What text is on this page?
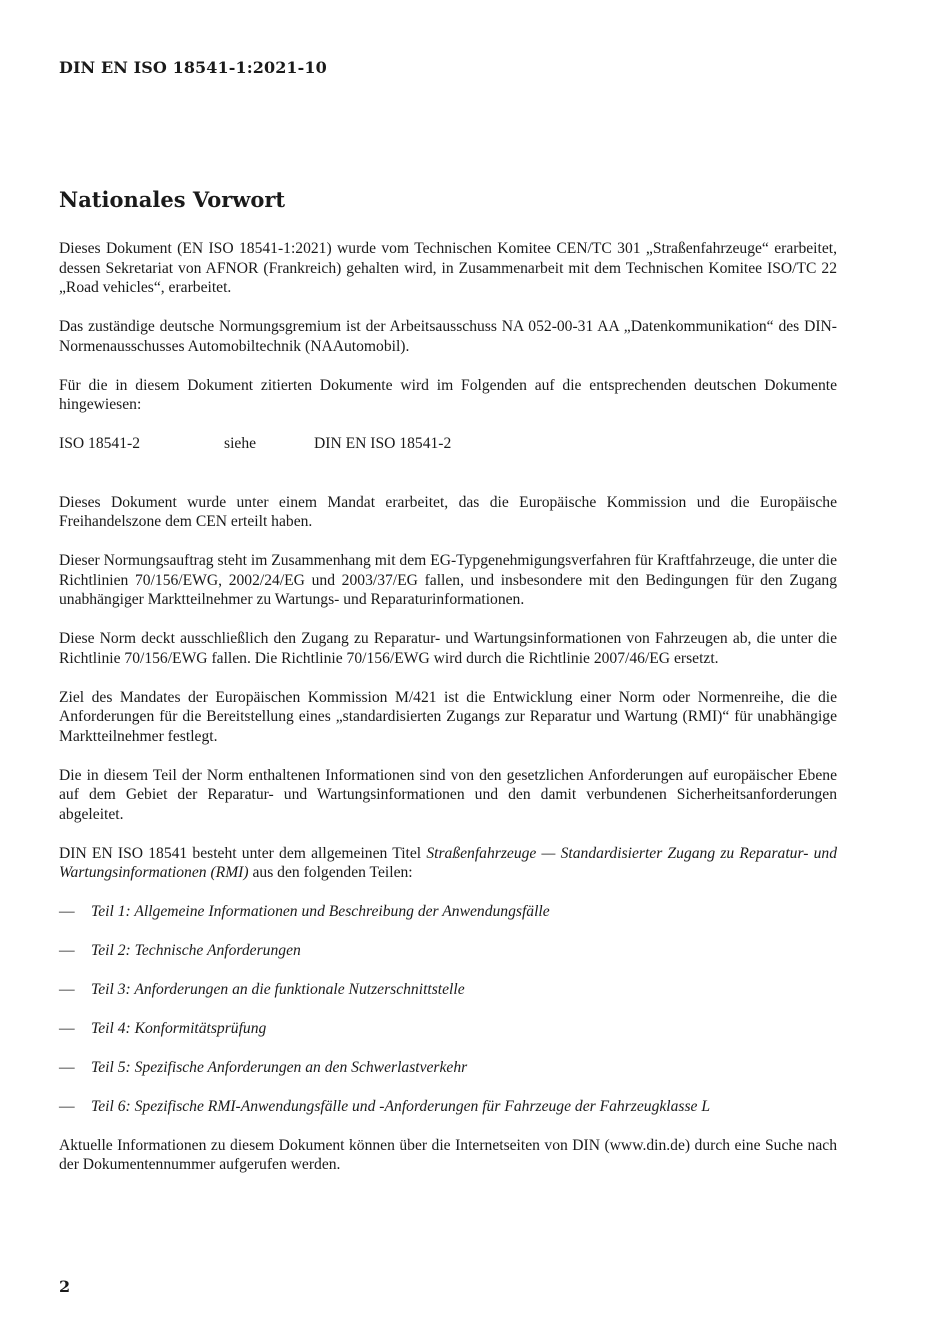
DIN EN ISO 18541-1:2021-10
Nationales Vorwort

Dieses Dokument (EN ISO 18541-1:2021) wurde vom Technischen Komitee CEN/TC 301 „Straßenfahrzeuge“ erarbeitet, dessen Sekretariat von AFNOR (Frankreich) gehalten wird, in Zusammenarbeit mit dem Technischen Komitee ISO/TC 22 „Road vehicles“, erarbeitet.

Das zuständige deutsche Normungsgremium ist der Arbeitsausschuss NA 052-00-31 AA „Datenkommunikation“ des DIN-Normenausschusses Automobiltechnik (NAAutomobil).

Für die in diesem Dokument zitierten Dokumente wird im Folgenden auf die entsprechenden deutschen Dokumente hingewiesen:

ISO 18541-2	siehe	DIN EN ISO 18541-2

Dieses Dokument wurde unter einem Mandat erarbeitet, das die Europäische Kommission und die Europäische Freihandelszone dem CEN erteilt haben.

Dieser Normungsauftrag steht im Zusammenhang mit dem EG-Typgenehmigungsverfahren für Kraftfahrzeuge, die unter die Richtlinien 70/156/EWG, 2002/24/EG und 2003/37/EG fallen, und insbesondere mit den Bedingungen für den Zugang unabhängiger Marktteilnehmer zu Wartungs- und Reparaturinformationen.

Diese Norm deckt ausschließlich den Zugang zu Reparatur- und Wartungsinformationen von Fahrzeugen ab, die unter die Richtlinie 70/156/EWG fallen. Die Richtlinie 70/156/EWG wird durch die Richtlinie 2007/46/EG ersetzt.

Ziel des Mandates der Europäischen Kommission M/421 ist die Entwicklung einer Norm oder Normenreihe, die die Anforderungen für die Bereitstellung eines „standardisierten Zugangs zur Reparatur und Wartung (RMI)“ für unabhängige Marktteilnehmer festlegt.

Die in diesem Teil der Norm enthaltenen Informationen sind von den gesetzlichen Anforderungen auf europäischer Ebene auf dem Gebiet der Reparatur- und Wartungsinformationen und den damit verbundenen Sicherheitsanforderungen abgeleitet.

DIN EN ISO 18541 besteht unter dem allgemeinen Titel Straßenfahrzeuge — Standardisierter Zugang zu Reparatur- und Wartungsinformationen (RMI) aus den folgenden Teilen:

—	Teil 1: Allgemeine Informationen und Beschreibung der Anwendungsfälle
—	Teil 2: Technische Anforderungen
—	Teil 3: Anforderungen an die funktionale Nutzerschnittstelle
—	Teil 4: Konformitätsprüfung
—	Teil 5: Spezifische Anforderungen an den Schwerlastverkehr
—	Teil 6: Spezifische RMI-Anwendungsfälle und -Anforderungen für Fahrzeuge der Fahrzeugklasse L

Aktuelle Informationen zu diesem Dokument können über die Internetseiten von DIN (www.din.de) durch eine Suche nach der Dokumentennummer aufgerufen werden.

2
